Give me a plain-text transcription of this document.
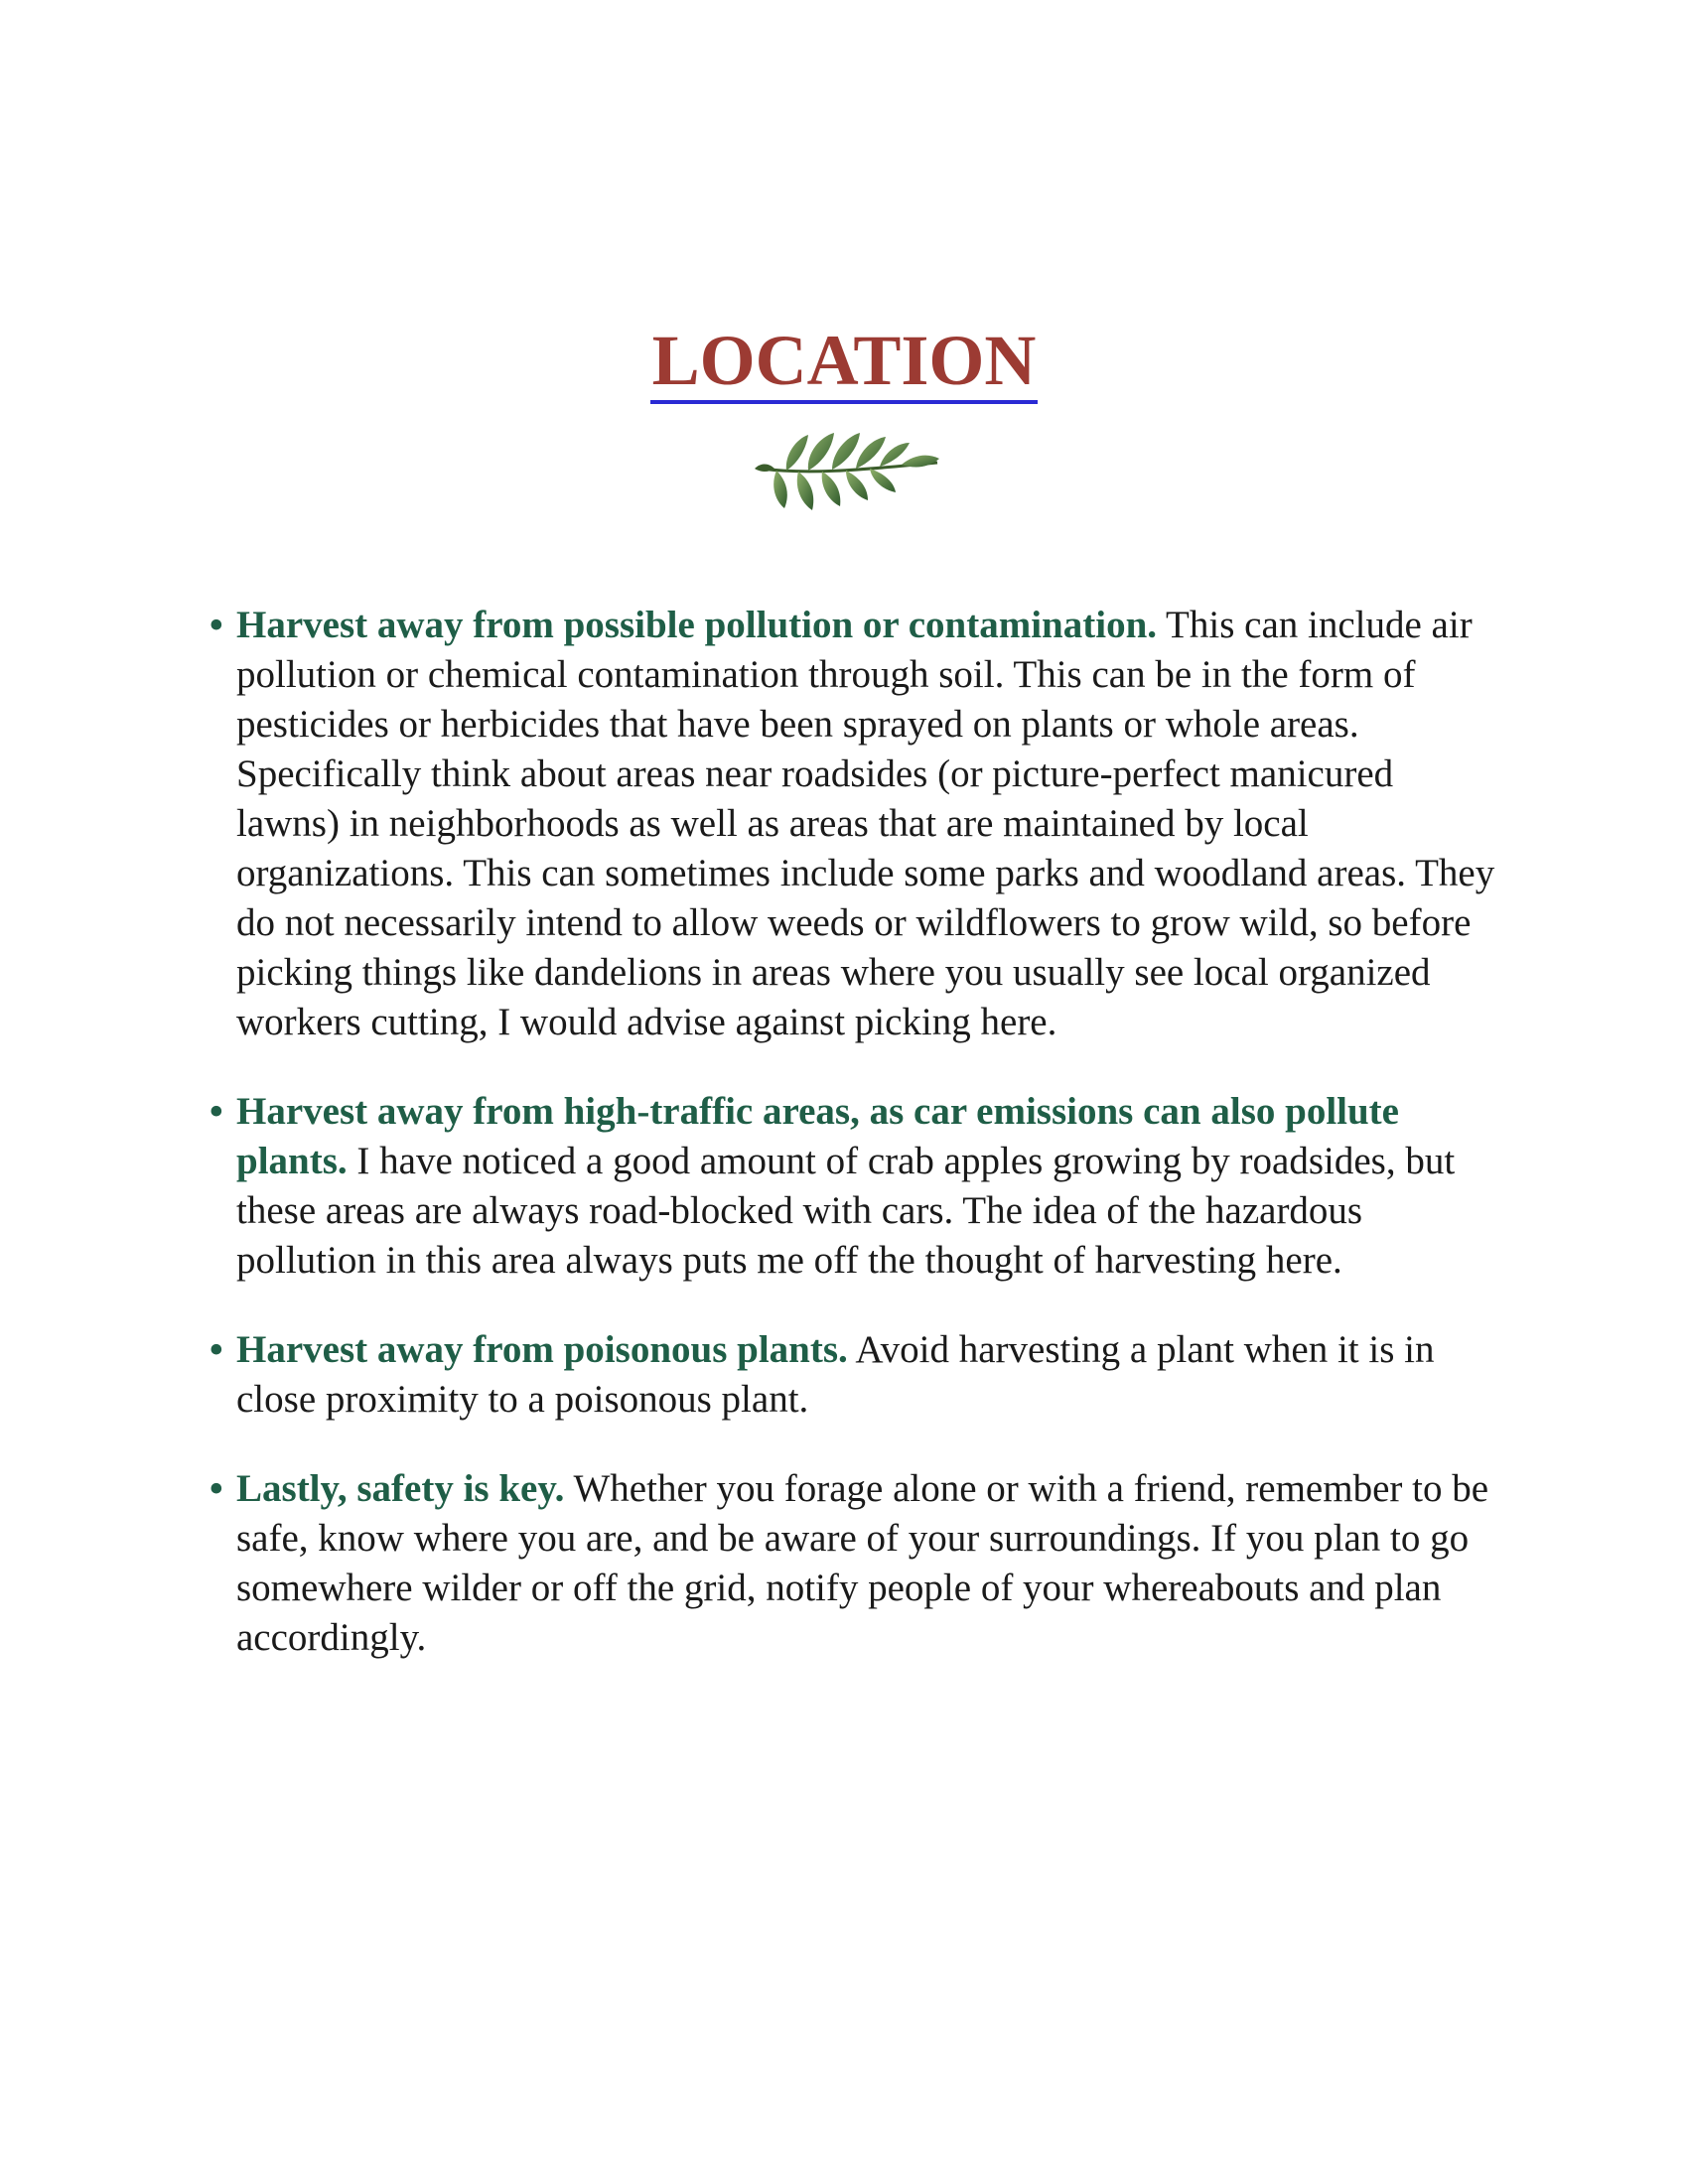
LOCATION
• Harvest away from possible pollution or contamination. This can include air pollution or chemical contamination through soil. This can be in the form of pesticides or herbicides that have been sprayed on plants or whole areas. Specifically think about areas near roadsides (or picture-perfect manicured lawns) in neighborhoods as well as areas that are maintained by local organizations. This can sometimes include some parks and woodland areas. They do not necessarily intend to allow weeds or wildflowers to grow wild, so before picking things like dandelions in areas where you usually see local organized workers cutting, I would advise against picking here.
• Harvest away from high-traffic areas, as car emissions can also pollute plants. I have noticed a good amount of crab apples growing by roadsides, but these areas are always road-blocked with cars. The idea of the hazardous pollution in this area always puts me off the thought of harvesting here.
• Harvest away from poisonous plants. Avoid harvesting a plant when it is in close proximity to a poisonous plant.
• Lastly, safety is key. Whether you forage alone or with a friend, remember to be safe, know where you are, and be aware of your surroundings. If you plan to go somewhere wilder or off the grid, notify people of your whereabouts and plan accordingly.
